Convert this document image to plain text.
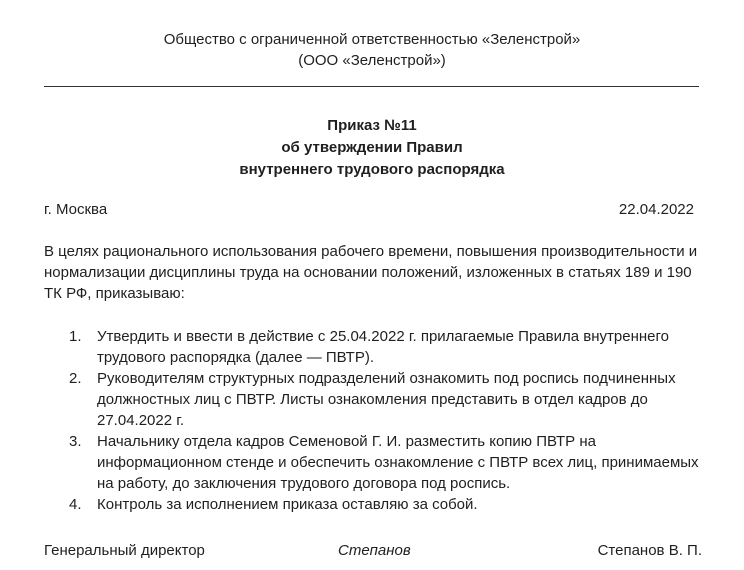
Общество с ограниченной ответственностью «Зеленстрой»
(ООО «Зеленстрой»)
Приказ №11
об утверждении Правил
внутреннего трудового распорядка
г. Москва	22.04.2022
В целях рационального использования рабочего времени, повышения производительности и нормализации дисциплины труда на основании положений, изложенных в статьях 189 и 190 ТК РФ, приказываю:
1. Утвердить и ввести в действие с 25.04.2022 г. прилагаемые Правила внутреннего трудового распорядка (далее — ПВТР).
2. Руководителям структурных подразделений ознакомить под роспись подчиненных должностных лиц с ПВТР. Листы ознакомления представить в отдел кадров до 27.04.2022 г.
3. Начальнику отдела кадров Семеновой Г. И. разместить копию ПВТР на информационном стенде и обеспечить ознакомление с ПВТР всех лиц, принимаемых на работу, до заключения трудового договора под роспись.
4. Контроль за исполнением приказа оставляю за собой.
Генеральный директор	Степанов	Степанов В. П.
